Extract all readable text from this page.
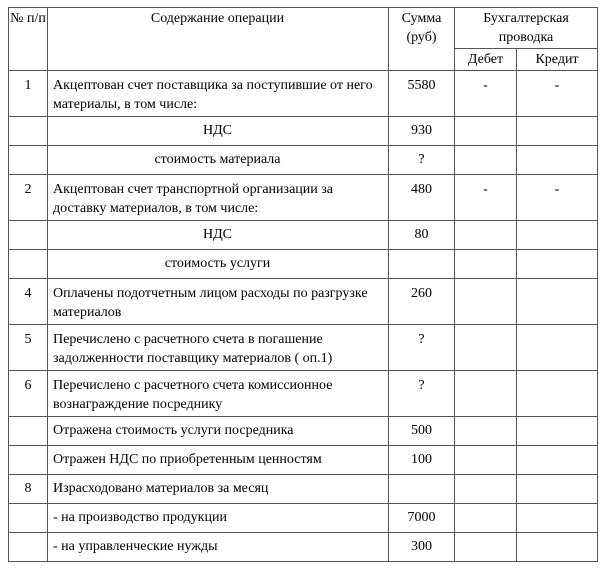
№ п/п	Содержание операции	Сумма (руб)	Бухгалтерская проводка	
			Дебет	Кредит
1	Акцептован счет поставщика за поступившие от него материалы, в том числе:	5580	-	-
	НДС	930		
	стоимость материала	?		
2	Акцептован счет транспортной организации за доставку материалов, в том числе:	480	-	-
	НДС	80		
	стоимость услуги			
4	Оплачены подотчетным лицом расходы по разгрузке материалов	260		
5	Перечислено с расчетного счета в погашение задолженности поставщику материалов ( оп.1)	?		
6	Перечислено с расчетного счета комиссионное вознаграждение посреднику	?		
	Отражена стоимость услуги посредника	500		
	Отражен НДС по приобретенным ценностям	100		
8	Израсходовано материалов за месяц			
	- на производство продукции	7000		
	- на управленческие нужды	300		
